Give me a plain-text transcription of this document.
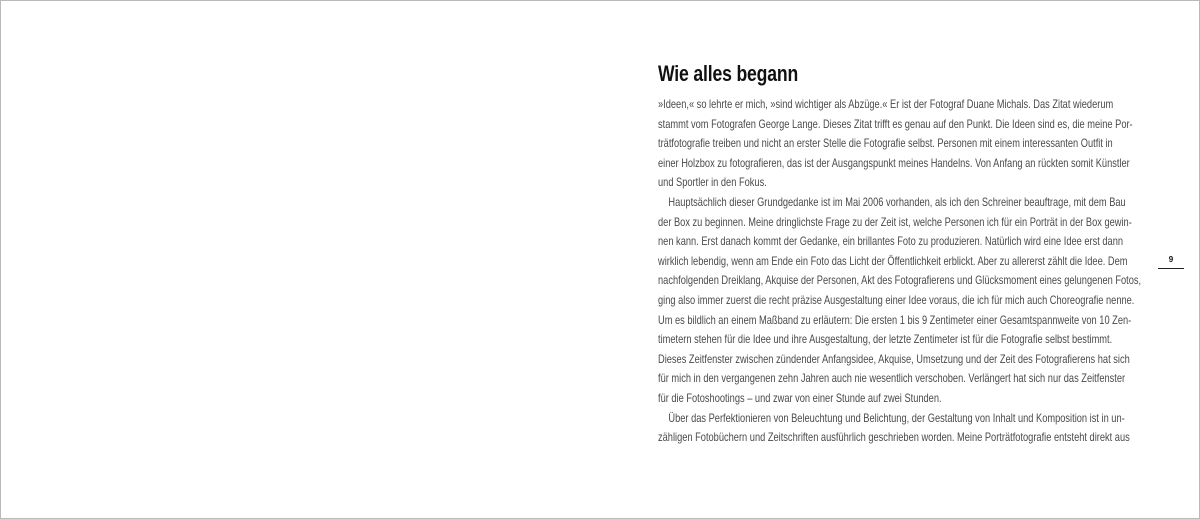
Wie alles begann
»Ideen,« so lehrte er mich, »sind wichtiger als Abzüge.« Er ist der Fotograf Duane Michals. Das Zitat wiederum
stammt vom Fotografen George Lange. Dieses Zitat trifft es genau auf den Punkt. Die Ideen sind es, die meine Por-
trätfotografie treiben und nicht an erster Stelle die Fotografie selbst. Personen mit einem interessanten Outfit in
einer Holzbox zu fotografieren, das ist der Ausgangspunkt meines Handelns. Von Anfang an rückten somit Künstler
und Sportler in den Fokus.
Hauptsächlich dieser Grundgedanke ist im Mai 2006 vorhanden, als ich den Schreiner beauftrage, mit dem Bau
der Box zu beginnen. Meine dringlichste Frage zu der Zeit ist, welche Personen ich für ein Porträt in der Box gewin-
nen kann. Erst danach kommt der Gedanke, ein brillantes Foto zu produzieren. Natürlich wird eine Idee erst dann
wirklich lebendig, wenn am Ende ein Foto das Licht der Öffentlichkeit erblickt. Aber zu allererst zählt die Idee. Dem
nachfolgenden Dreiklang, Akquise der Personen, Akt des Fotografierens und Glücksmoment eines gelungenen Fotos,
ging also immer zuerst die recht präzise Ausgestaltung einer Idee voraus, die ich für mich auch Choreografie nenne.
Um es bildlich an einem Maßband zu erläutern: Die ersten 1 bis 9 Zentimeter einer Gesamtspannweite von 10 Zen-
timetern stehen für die Idee und ihre Ausgestaltung, der letzte Zentimeter ist für die Fotografie selbst bestimmt.
Dieses Zeitfenster zwischen zündender Anfangsidee, Akquise, Umsetzung und der Zeit des Fotografierens hat sich
für mich in den vergangenen zehn Jahren auch nie wesentlich verschoben. Verlängert hat sich nur das Zeitfenster
für die Fotoshootings – und zwar von einer Stunde auf zwei Stunden.
Über das Perfektionieren von Beleuchtung und Belichtung, der Gestaltung von Inhalt und Komposition ist in un-
zähligen Fotobüchern und Zeitschriften ausführlich geschrieben worden. Meine Porträtfotografie entsteht direkt aus
9
